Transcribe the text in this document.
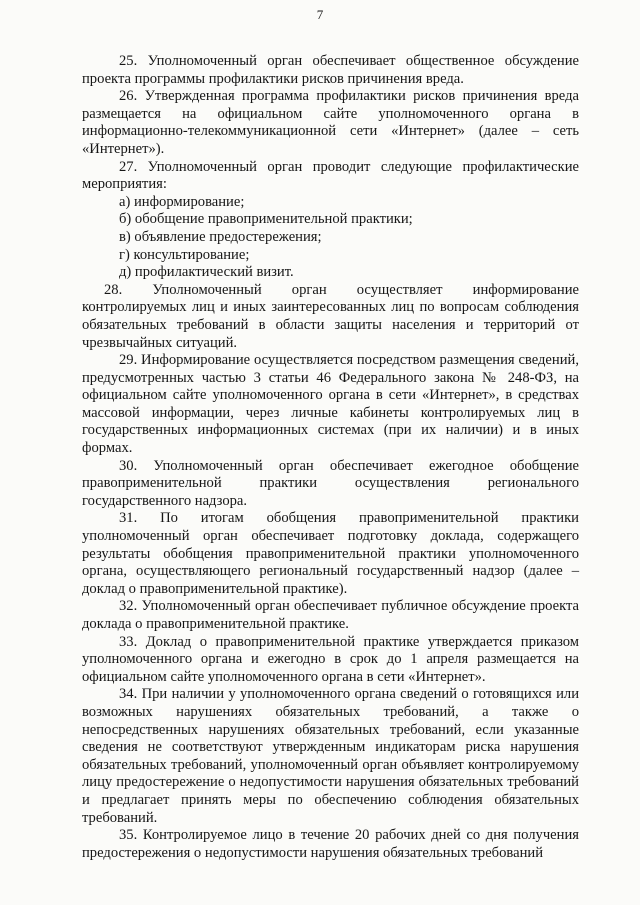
7

25. Уполномоченный орган обеспечивает общественное обсуждение проекта программы профилактики рисков причинения вреда.

26. Утвержденная программа профилактики рисков причинения вреда размещается на официальном сайте уполномоченного органа в информационно-телекоммуникационной сети «Интернет» (далее – сеть «Интернет»).

27. Уполномоченный орган проводит следующие профилактические мероприятия:

а) информирование;

б) обобщение правоприменительной практики;

в) объявление предостережения;

г) консультирование;

д) профилактический визит.

28. Уполномоченный орган осуществляет информирование контролируемых лиц и иных заинтересованных лиц по вопросам соблюдения обязательных требований в области защиты населения и территорий от чрезвычайных ситуаций.

29. Информирование осуществляется посредством размещения сведений, предусмотренных частью 3 статьи 46 Федерального закона № 248-ФЗ, на официальном сайте уполномоченного органа в сети «Интернет», в средствах массовой информации, через личные кабинеты контролируемых лиц в государственных информационных системах (при их наличии) и в иных формах.

30. Уполномоченный орган обеспечивает ежегодное обобщение правоприменительной практики осуществления регионального государственного надзора.

31. По итогам обобщения правоприменительной практики уполномоченный орган обеспечивает подготовку доклада, содержащего результаты обобщения правоприменительной практики уполномоченного органа, осуществляющего региональный государственный надзор (далее – доклад о правоприменительной практике).

32. Уполномоченный орган обеспечивает публичное обсуждение проекта доклада о правоприменительной практике.

33. Доклад о правоприменительной практике утверждается приказом уполномоченного органа и ежегодно в срок до 1 апреля размещается на официальном сайте уполномоченного органа в сети «Интернет».

34. При наличии у уполномоченного органа сведений о готовящихся или возможных нарушениях обязательных требований, а также о непосредственных нарушениях обязательных требований, если указанные сведения не соответствуют утвержденным индикаторам риска нарушения обязательных требований, уполномоченный орган объявляет контролируемому лицу предостережение о недопустимости нарушения обязательных требований и предлагает принять меры по обеспечению соблюдения обязательных требований.

35. Контролируемое лицо в течение 20 рабочих дней со дня получения предостережения о недопустимости нарушения обязательных требований
